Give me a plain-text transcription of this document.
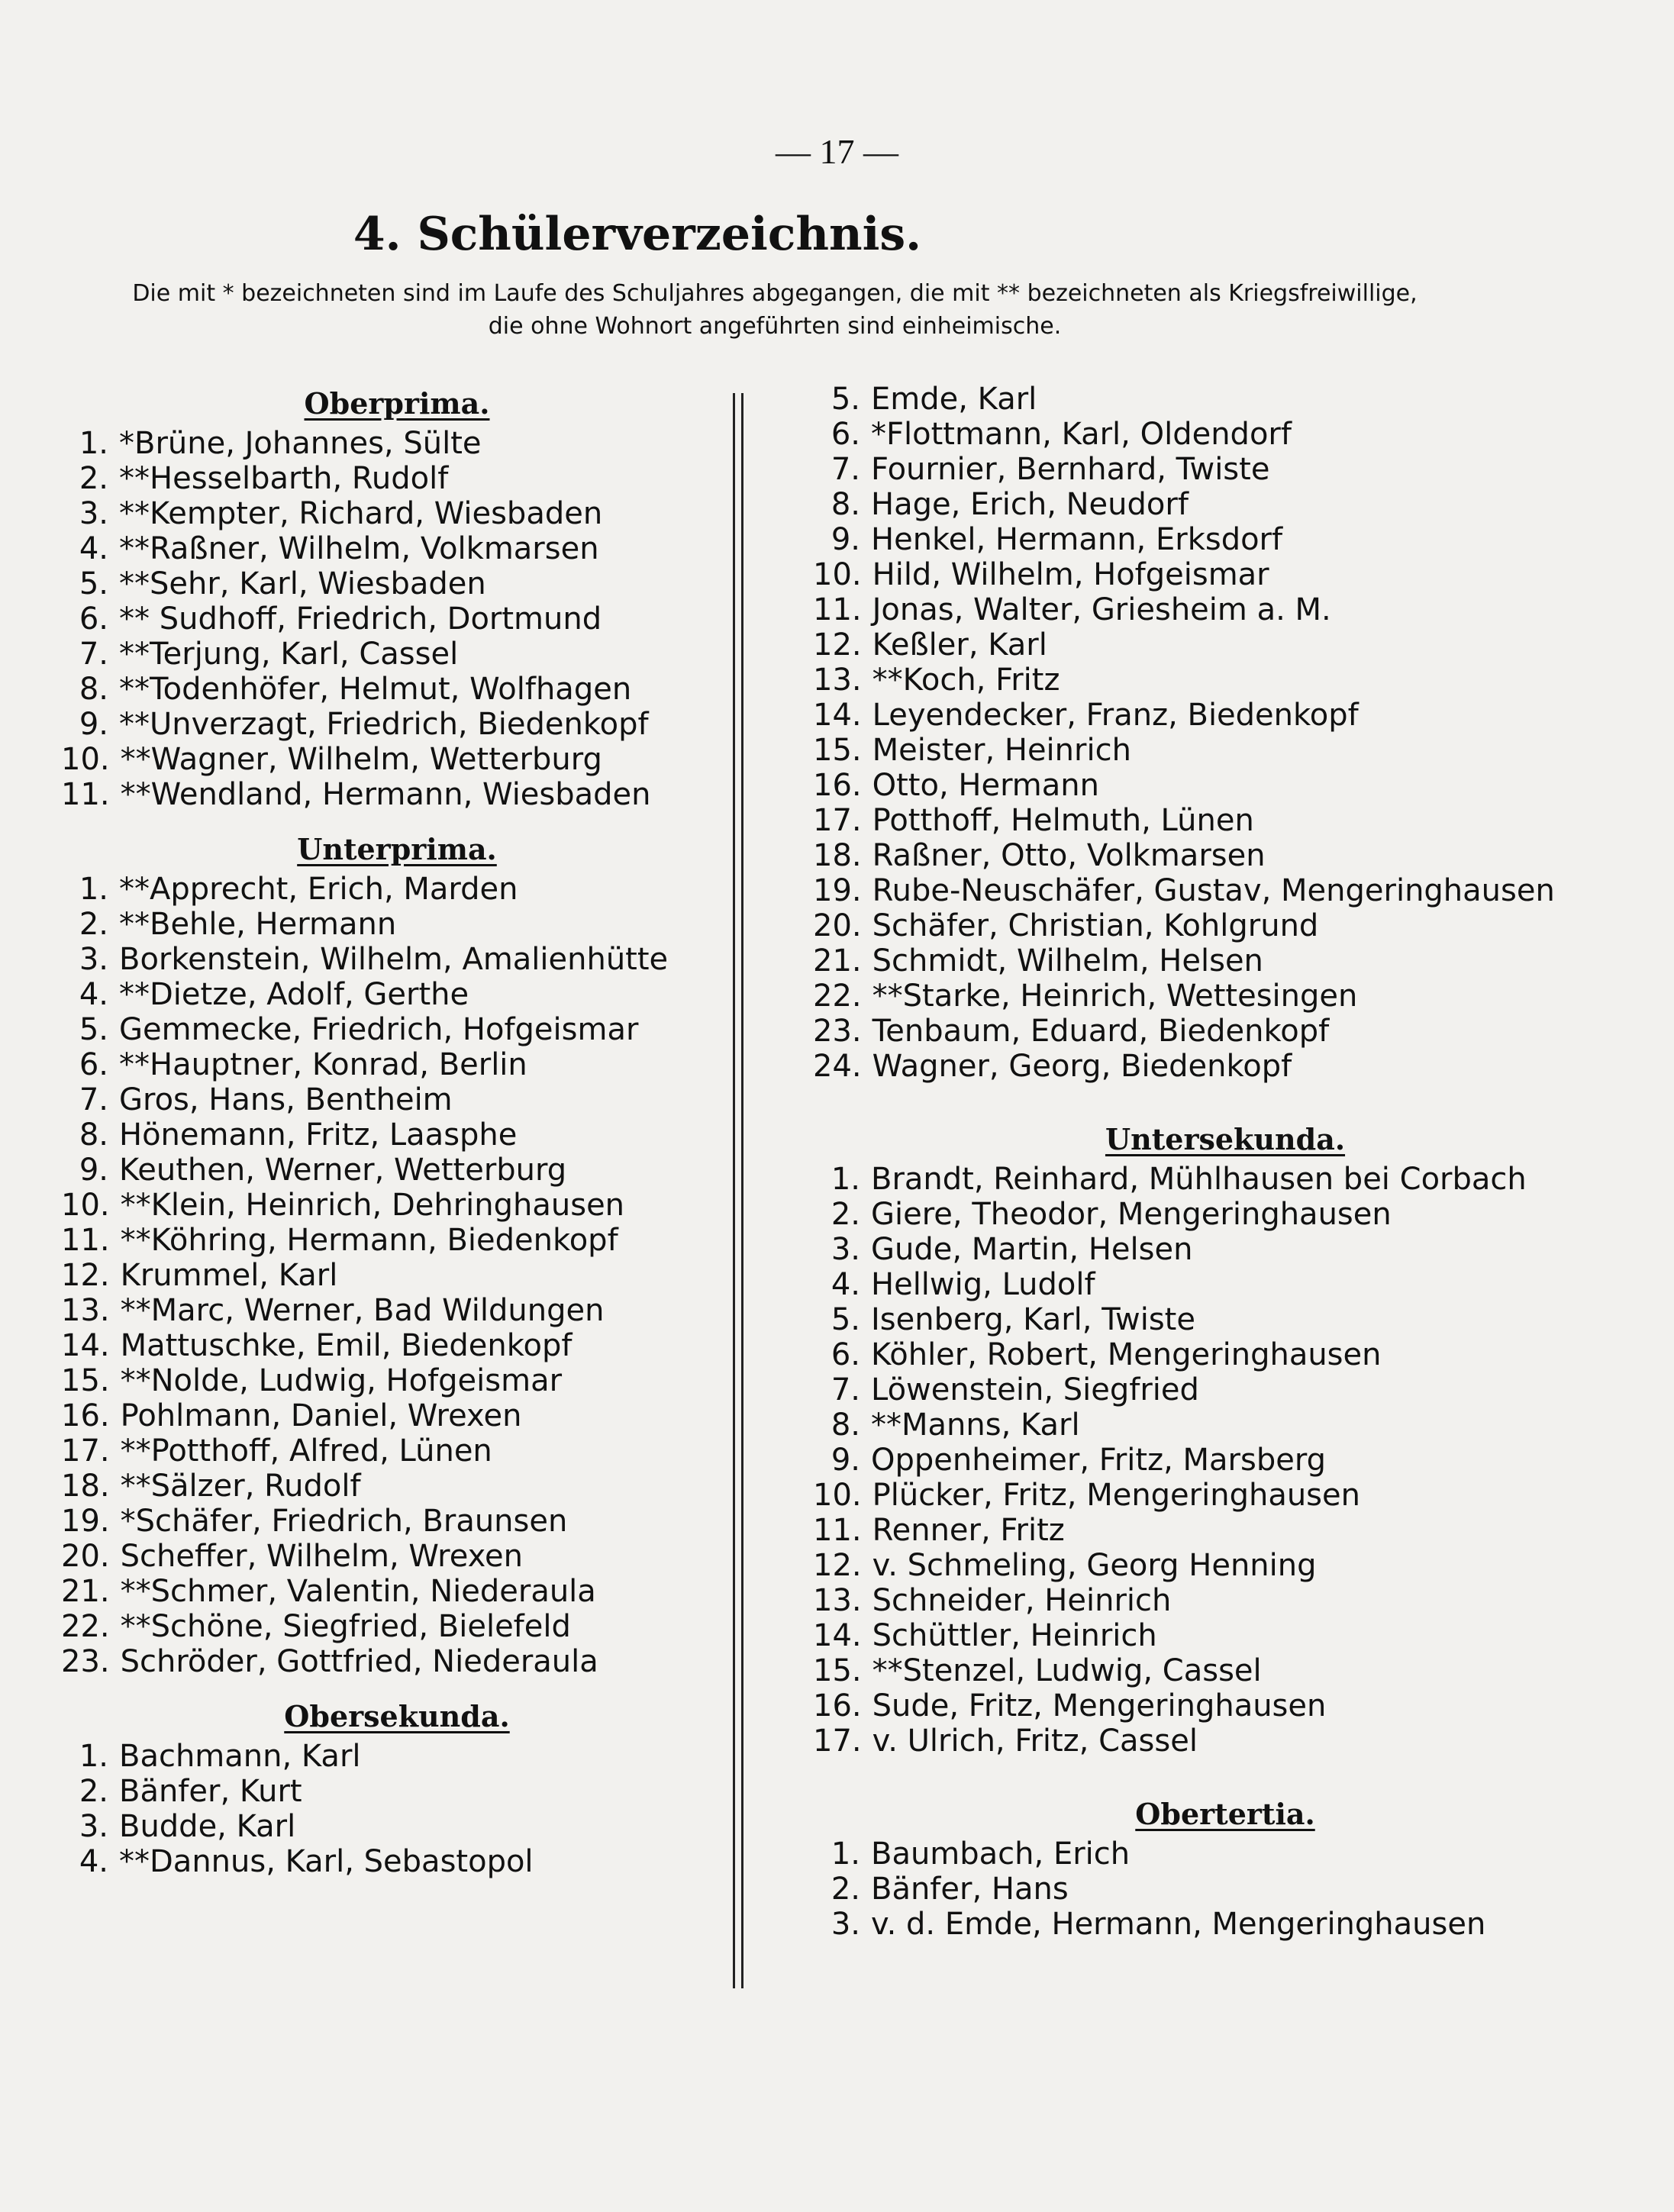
— 17 —
4. Schülerverzeichnis.
Die mit * bezeichneten sind im Laufe des Schuljahres abgegangen, die mit ** bezeichneten als Kriegsfreiwillige,
die ohne Wohnort angeführten sind einheimische.
Oberprima.
1. *Brüne, Johannes, Sülte
2. **Hesselbarth, Rudolf
3. **Kempter, Richard, Wiesbaden
4. **Raßner, Wilhelm, Volkmarsen
5. **Sehr, Karl, Wiesbaden
6. ** Sudhoff, Friedrich, Dortmund
7. **Terjung, Karl, Cassel
8. **Todenhöfer, Helmut, Wolfhagen
9. **Unverzagt, Friedrich, Biedenkopf
10. **Wagner, Wilhelm, Wetterburg
11. **Wendland, Hermann, Wiesbaden
Unterprima.
1. **Apprecht, Erich, Marden
2. **Behle, Hermann
3. Borkenstein, Wilhelm, Amalienhütte
4. **Dietze, Adolf, Gerthe
5. Gemmecke, Friedrich, Hofgeismar
6. **Hauptner, Konrad, Berlin
7. Gros, Hans, Bentheim
8. Hönemann, Fritz, Laasphe
9. Keuthen, Werner, Wetterburg
10. **Klein, Heinrich, Dehringhausen
11. **Köhring, Hermann, Biedenkopf
12. Krummel, Karl
13. **Marc, Werner, Bad Wildungen
14. Mattuschke, Emil, Biedenkopf
15. **Nolde, Ludwig, Hofgeismar
16. Pohlmann, Daniel, Wrexen
17. **Potthoff, Alfred, Lünen
18. **Sälzer, Rudolf
19. *Schäfer, Friedrich, Braunsen
20. Scheffer, Wilhelm, Wrexen
21. **Schmer, Valentin, Niederaula
22. **Schöne, Siegfried, Bielefeld
23. Schröder, Gottfried, Niederaula
Obersekunda.
1. Bachmann, Karl
2. Bänfer, Kurt
3. Budde, Karl
4. **Dannus, Karl, Sebastopol
5. Emde, Karl
6. *Flottmann, Karl, Oldendorf
7. Fournier, Bernhard, Twiste
8. Hage, Erich, Neudorf
9. Henkel, Hermann, Erksdorf
10. Hild, Wilhelm, Hofgeismar
11. Jonas, Walter, Griesheim a. M.
12. Keßler, Karl
13. **Koch, Fritz
14. Leyendecker, Franz, Biedenkopf
15. Meister, Heinrich
16. Otto, Hermann
17. Potthoff, Helmuth, Lünen
18. Raßner, Otto, Volkmarsen
19. Rube-Neuschäfer, Gustav, Mengeringhausen
20. Schäfer, Christian, Kohlgrund
21. Schmidt, Wilhelm, Helsen
22. **Starke, Heinrich, Wettesingen
23. Tenbaum, Eduard, Biedenkopf
24. Wagner, Georg, Biedenkopf
Untersekunda.
1. Brandt, Reinhard, Mühlhausen bei Corbach
2. Giere, Theodor, Mengeringhausen
3. Gude, Martin, Helsen
4. Hellwig, Ludolf
5. Isenberg, Karl, Twiste
6. Köhler, Robert, Mengeringhausen
7. Löwenstein, Siegfried
8. **Manns, Karl
9. Oppenheimer, Fritz, Marsberg
10. Plücker, Fritz, Mengeringhausen
11. Renner, Fritz
12. v. Schmeling, Georg Henning
13. Schneider, Heinrich
14. Schüttler, Heinrich
15. **Stenzel, Ludwig, Cassel
16. Sude, Fritz, Mengeringhausen
17. v. Ulrich, Fritz, Cassel
Obertertia.
1. Baumbach, Erich
2. Bänfer, Hans
3. v. d. Emde, Hermann, Mengeringhausen
